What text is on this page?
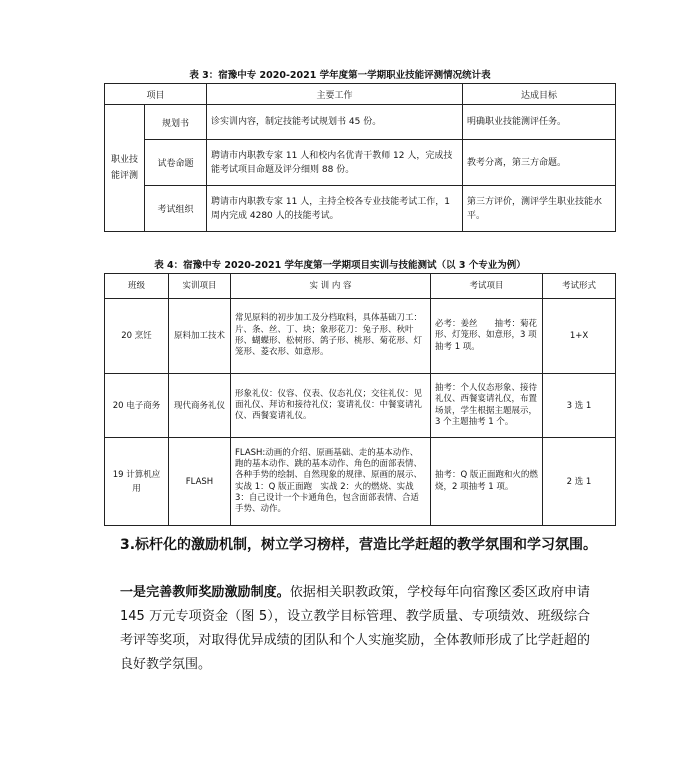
表 3：宿豫中专 2020-2021 学年度第一学期职业技能评测情况统计表
项目		主要工作	达成目标
职业技能评测	规划书	诊实训内容，制定技能考试规划书 45 份。	明确职业技能测评任务。
	试卷命题	聘请市内职教专家 11 人和校内名优青干教师 12 人，完成技能考试项目命题及评分细则 88 份。	教考分离，第三方命题。
	考试组织	聘请市内职教专家 11 人，主持全校各专业技能考试工作，1 周内完成 4280 人的技能考试。	第三方评价，测评学生职业技能水平。
表 4：宿豫中专 2020-2021 学年度第一学期项目实训与技能测试（以 3 个专业为例）
班级	实训项目	实 训 内 容	考试项目	考试形式
20 烹饪	原料加工技术	常见原料的初步加工及分档取料，具体基础刀工：片、条、丝、丁、块；象形花刀：兔子形、秋叶形、蝴蝶形、松树形、鸽子形、桃形、菊花形、灯笼形、菱衣形、如意形。	必考：姜丝　　抽考：菊花形、灯笼形、如意形，3 项抽考 1 项。	1+X
20 电子商务	现代商务礼仪	形象礼仪：仪容、仪表、仪态礼仪；交往礼仪：见面礼仪、拜访和接待礼仪；宴请礼仪：中餐宴请礼仪、西餐宴请礼仪。	抽考：个人仪态形象、接待礼仪、西餐宴请礼仪，布置场景，学生根据主题展示，3 个主题抽考 1 个。	3 选 1
19 计算机应用	FLASH	FLASH:动画的介绍、原画基础、走的基本动作、跑的基本动作、跳的基本动作、角色的面部表情、各种手势的绘制、自然现象的规律、原画的展示、实战 1：Q 版正面跑　实战 2：火的燃烧、实战 3：自己设计一个卡通角色，包含面部表情、合适手势、动作。	抽考：Q 版正面跑和火的燃烧，2 项抽考 1 项。	2 选 1
3.标杆化的激励机制，树立学习榜样，营造比学赶超的教学氛围和学习氛围。
一是完善教师奖励激励制度。依据相关职教政策，学校每年向宿豫区委区政府申请 145 万元专项资金（图 5），设立教学目标管理、教学质量、专项绩效、班级综合考评等奖项，对取得优异成绩的团队和个人实施奖励，全体教师形成了比学赶超的良好教学氛围。
